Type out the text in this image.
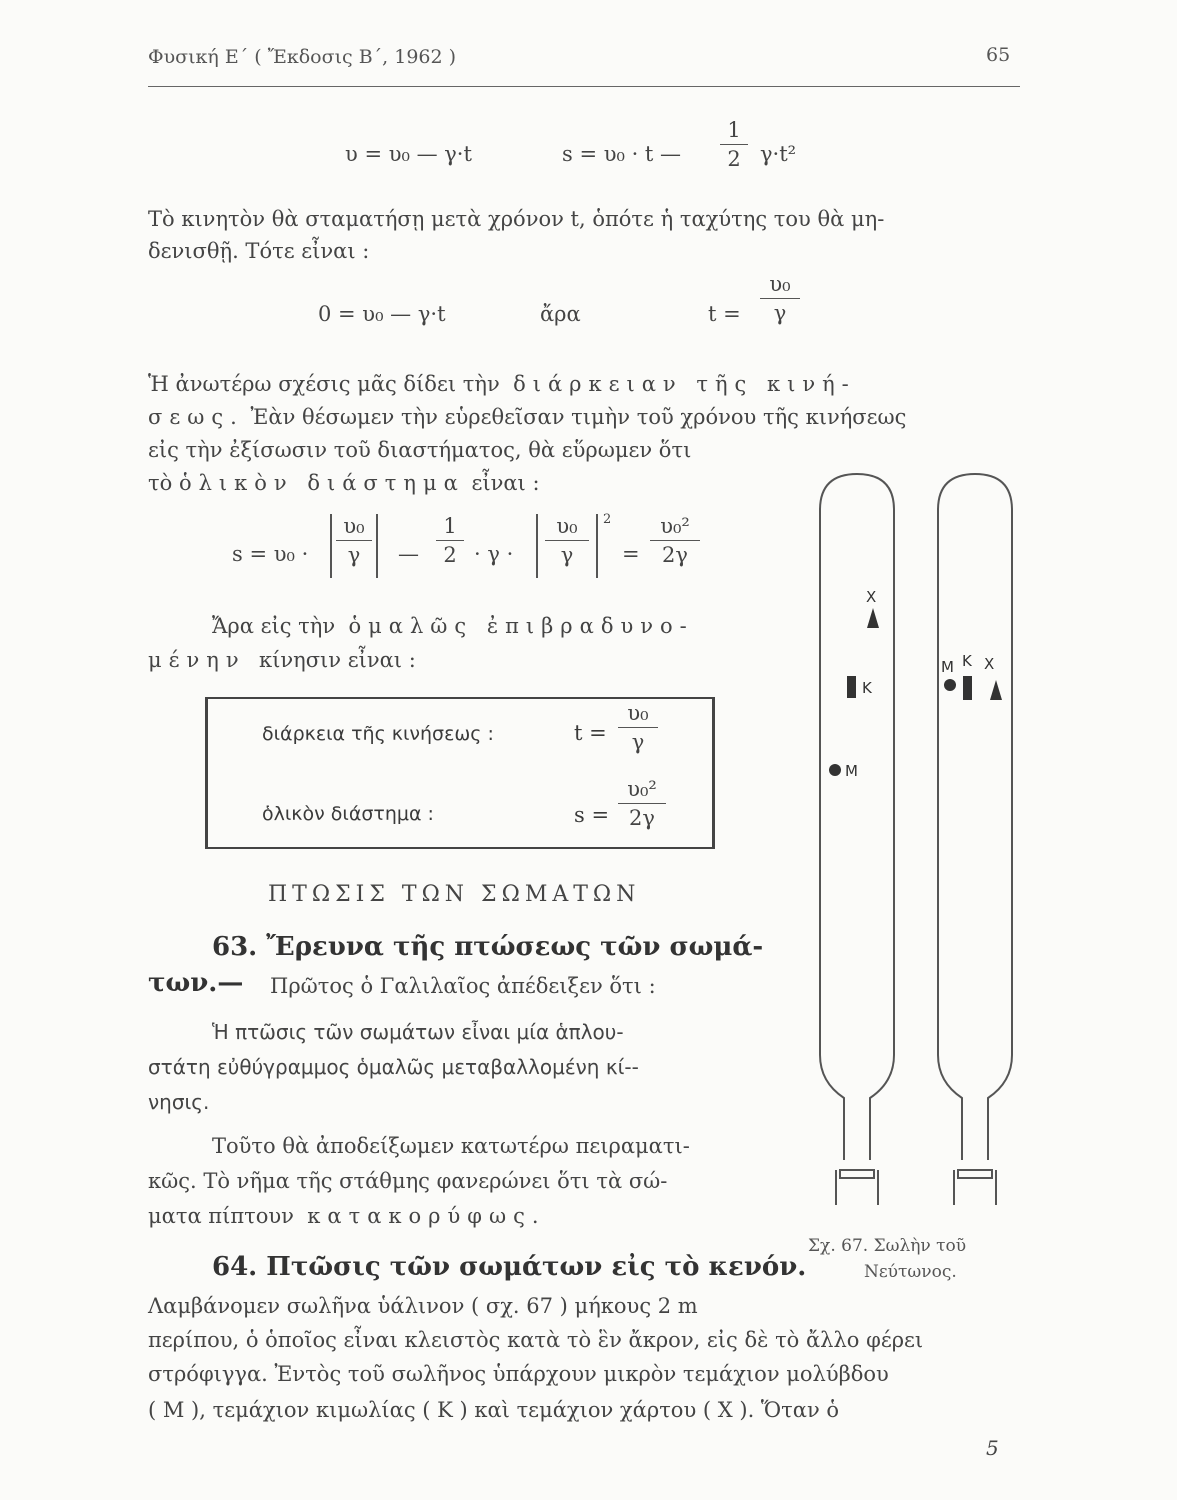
Φυσική Ε΄ ( Ἔκδοσις Β΄, 1962 )	65
υ = υ₀ — γ·t	s = υ₀ · t —
1
2 γ·t²
Τὸ κινητὸν θὰ σταματήσῃ μετὰ χρόνον t, ὁπότε ἡ ταχύτης του θὰ μη-
δενισθῇ. Τότε εἶναι :
0 = υ₀ — γ·t	ἄρα	t =
υ₀
γ
Ἡ ἀνωτέρω σχέσις μᾶς δίδει τὴν διάρκειαν τῆς κινή-
σεως. Ἐὰν θέσωμεν τὴν εὑρεθεῖσαν τιμὴν τοῦ χρόνου τῆς κινήσεως
εἰς τὴν ἐξίσωσιν τοῦ διαστήματος, θὰ εὕρωμεν ὅτι
τὸ ὁλικὸν διάστημα εἶναι :
s = υ₀ ·
υ₀
γ	—
1
2 · γ ·
υ₀
γ
2
=
υ₀²
2γ
Ἄρα εἰς τὴν ὁμαλῶς ἐπιβραδυνο-
μένην κίνησιν εἶναι :
διάρκεια τῆς κινήσεως :	t =
υ₀
γ
ὁλικὸν διάστημα :	s =
υ₀²
2γ
ΠΤΩΣΙΣ ΤΩΝ ΣΩΜΑΤΩΝ
63. Ἔρευνα τῆς πτώσεως τῶν σωμά-
των.— Πρῶτος ὁ Γαλιλαῖος ἀπέδειξεν ὅτι :
Ἡ πτῶσις τῶν σωμάτων εἶναι μία ἁπλου-
στάτη εὐθύγραμμος ὁμαλῶς μεταβαλλομένη κί--
νησις.
Τοῦτο θὰ ἀποδείξωμεν κατωτέρω πειραματι-
κῶς. Τὸ νῆμα τῆς στάθμης φανερώνει ὅτι τὰ σώ-
ματα πίπτουν κατακορύφως.
64. Πτῶσις τῶν σωμάτων εἰς τὸ κενόν.
Λαμβάνομεν σωλῆνα ὑάλινον ( σχ. 67 ) μήκους 2 m
περίπου, ὁ ὁποῖος εἶναι κλειστὸς κατὰ τὸ ἓν ἄκρον, εἰς δὲ τὸ ἄλλο φέρει
στρόφιγγα. Ἐντὸς τοῦ σωλῆνος ὑπάρχουν μικρὸν τεμάχιον μολύβδου
( Μ ), τεμάχιον κιμωλίας ( Κ ) καὶ τεμάχιον χάρτου ( Χ ). Ὅταν ὁ
5
Χ
Κ
Μ
Μ Κ Χ
Σχ. 67. Σωλὴν τοῦ
Νεύτωνος.
